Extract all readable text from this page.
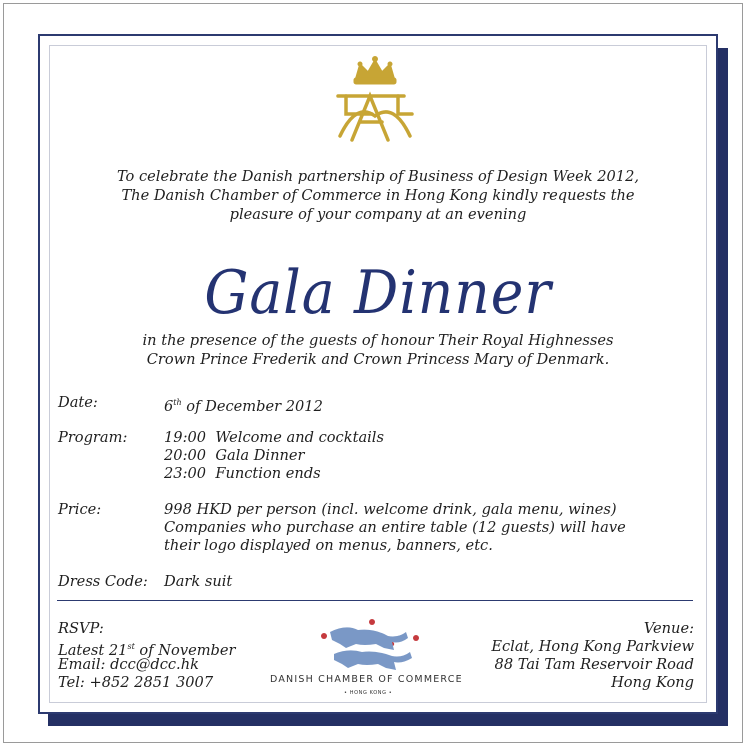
To celebrate the Danish partnership of Business of Design Week 2012,
The Danish Chamber of Commerce in Hong Kong kindly requests the
pleasure of your company at an evening
Gala Dinner
in the presence of the guests of honour Their Royal Highnesses
Crown Prince Frederik and Crown Princess Mary of Denmark.
Date:	6th of December 2012
Program:	19:00  Welcome and cocktails
20:00  Gala Dinner
23:00  Function ends
Price:	998 HKD per person (incl. welcome drink, gala menu, wines)
Companies who purchase an entire table (12 guests) will have
their logo displayed on menus, banners, etc.
Dress Code: Dark suit
RSVP:
Latest 21st of November
Email: dcc@dcc.hk
Tel: +852 2851 3007	DANISH CHAMBER OF COMMERCE
• HONG KONG •
Venue:
Eclat, Hong Kong Parkview
88 Tai Tam Reservoir Road
Hong Kong
